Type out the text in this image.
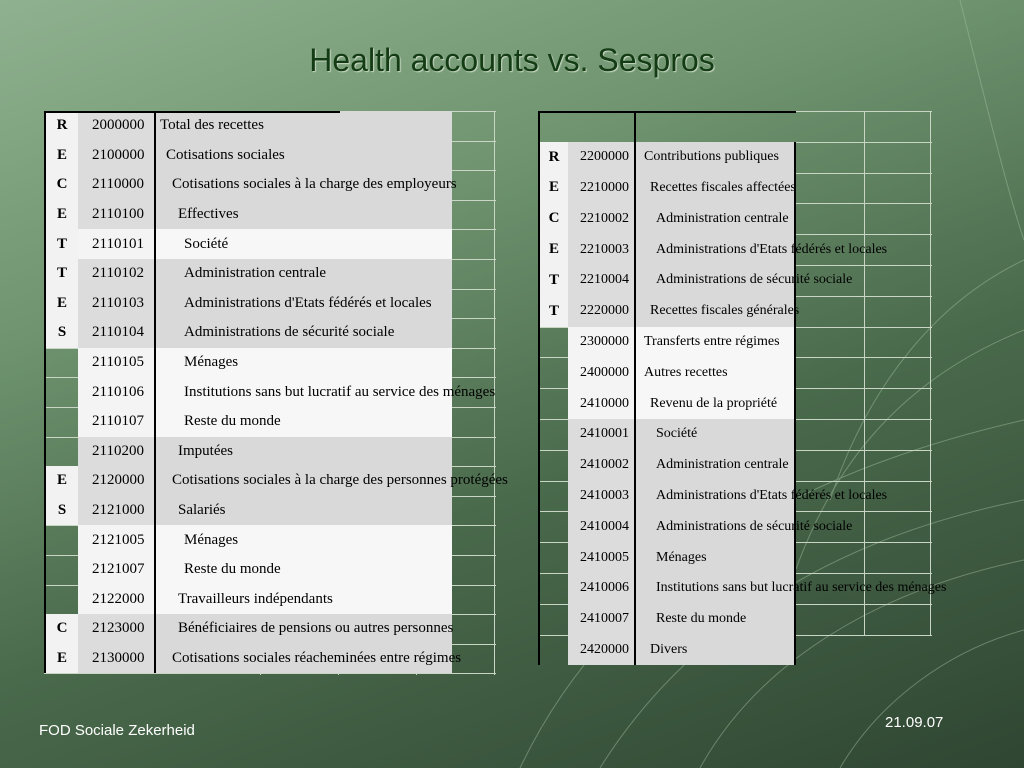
Health accounts vs. Sespros
R	2000000	Total des recettes
E	2100000	Cotisations sociales
C	2110000	Cotisations sociales à la charge des employeurs
E	2110100	Effectives
T	2110101	Société
T	2110102	Administration centrale
E	2110103	Administrations d'Etats fédérés et locales
S	2110104	Administrations de sécurité sociale
2110105	Ménages
2110106	Institutions sans but lucratif au service des ménages
2110107	Reste du monde
2110200	Imputées
E	2120000	Cotisations sociales à la charge des personnes protégées
S	2121000	Salariés
2121005	Ménages
2121007	Reste du monde
2122000	Travailleurs indépendants
C	2123000	Bénéficiaires de pensions ou autres personnes
E	2130000	Cotisations sociales réacheminées entre régimes
R	2200000	Contributions publiques
E	2210000	Recettes fiscales affectées
C	2210002	Administration centrale
E	2210003	Administrations d'Etats fédérés et locales
T	2210004	Administrations de sécurité sociale
T	2220000	Recettes fiscales générales
2300000	Transferts entre régimes
2400000	Autres recettes
2410000	Revenu de la propriété
2410001	Société
2410002	Administration centrale
2410003	Administrations d'Etats fédérés et locales
2410004	Administrations de sécurité sociale
2410005	Ménages
2410006	Institutions sans but lucratif au service des ménages
2410007	Reste du monde
2420000	Divers
FOD Sociale Zekerheid	21.09.07
